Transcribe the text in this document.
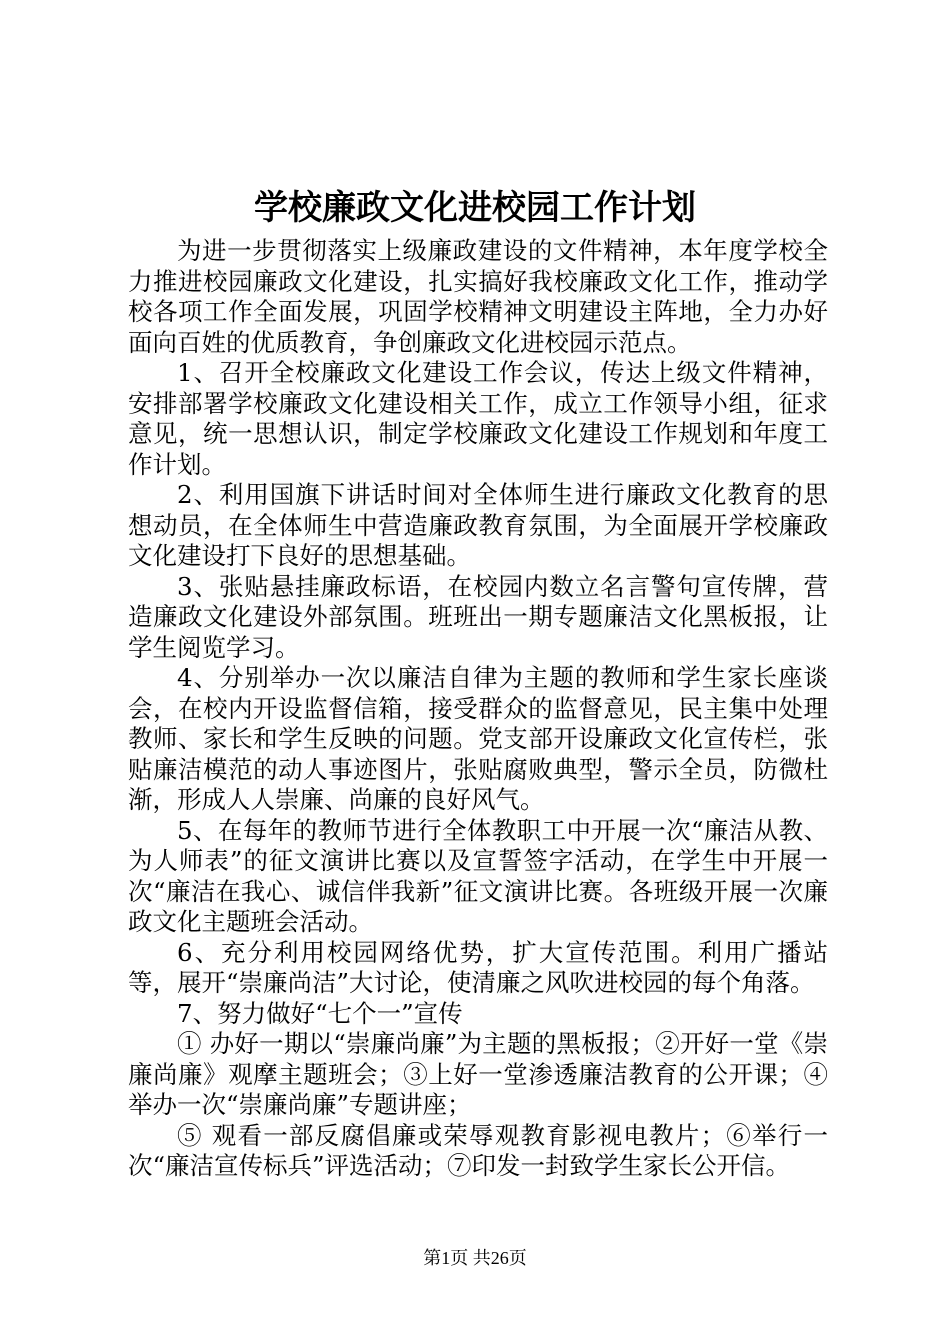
学校廉政文化进校园工作计划

为进一步贯彻落实上级廉政建设的文件精神，本年度学校全力推进校园廉政文化建设，扎实搞好我校廉政文化工作，推动学校各项工作全面发展，巩固学校精神文明建设主阵地，全力办好面向百姓的优质教育，争创廉政文化进校园示范点。

1、召开全校廉政文化建设工作会议，传达上级文件精神，安排部署学校廉政文化建设相关工作，成立工作领导小组，征求意见，统一思想认识，制定学校廉政文化建设工作规划和年度工作计划。

2、利用国旗下讲话时间对全体师生进行廉政文化教育的思想动员，在全体师生中营造廉政教育氛围，为全面展开学校廉政文化建设打下良好的思想基础。

3、张贴悬挂廉政标语，在校园内数立名言警句宣传牌，营造廉政文化建设外部氛围。班班出一期专题廉洁文化黑板报，让学生阅览学习。

4、分别举办一次以廉洁自律为主题的教师和学生家长座谈会，在校内开设监督信箱，接受群众的监督意见，民主集中处理教师、家长和学生反映的问题。党支部开设廉政文化宣传栏，张贴廉洁模范的动人事迹图片，张贴腐败典型，警示全员，防微杜渐，形成人人崇廉、尚廉的良好风气。

5、在每年的教师节进行全体教职工中开展一次“廉洁从教、为人师表”的征文演讲比赛以及宣誓签字活动，在学生中开展一次“廉洁在我心、诚信伴我新”征文演讲比赛。各班级开展一次廉政文化主题班会活动。

6、充分利用校园网络优势，扩大宣传范围。利用广播站等，展开“崇廉尚洁”大讨论，使清廉之风吹进校园的每个角落。

7、努力做好“七个一”宣传

① 办好一期以“崇廉尚廉”为主题的黑板报；②开好一堂《崇廉尚廉》观摩主题班会；③上好一堂渗透廉洁教育的公开课；④举办一次“崇廉尚廉”专题讲座；

⑤ 观看一部反腐倡廉或荣辱观教育影视电教片；⑥举行一次“廉洁宣传标兵”评选活动；⑦印发一封致学生家长公开信。

第1页 共26页
